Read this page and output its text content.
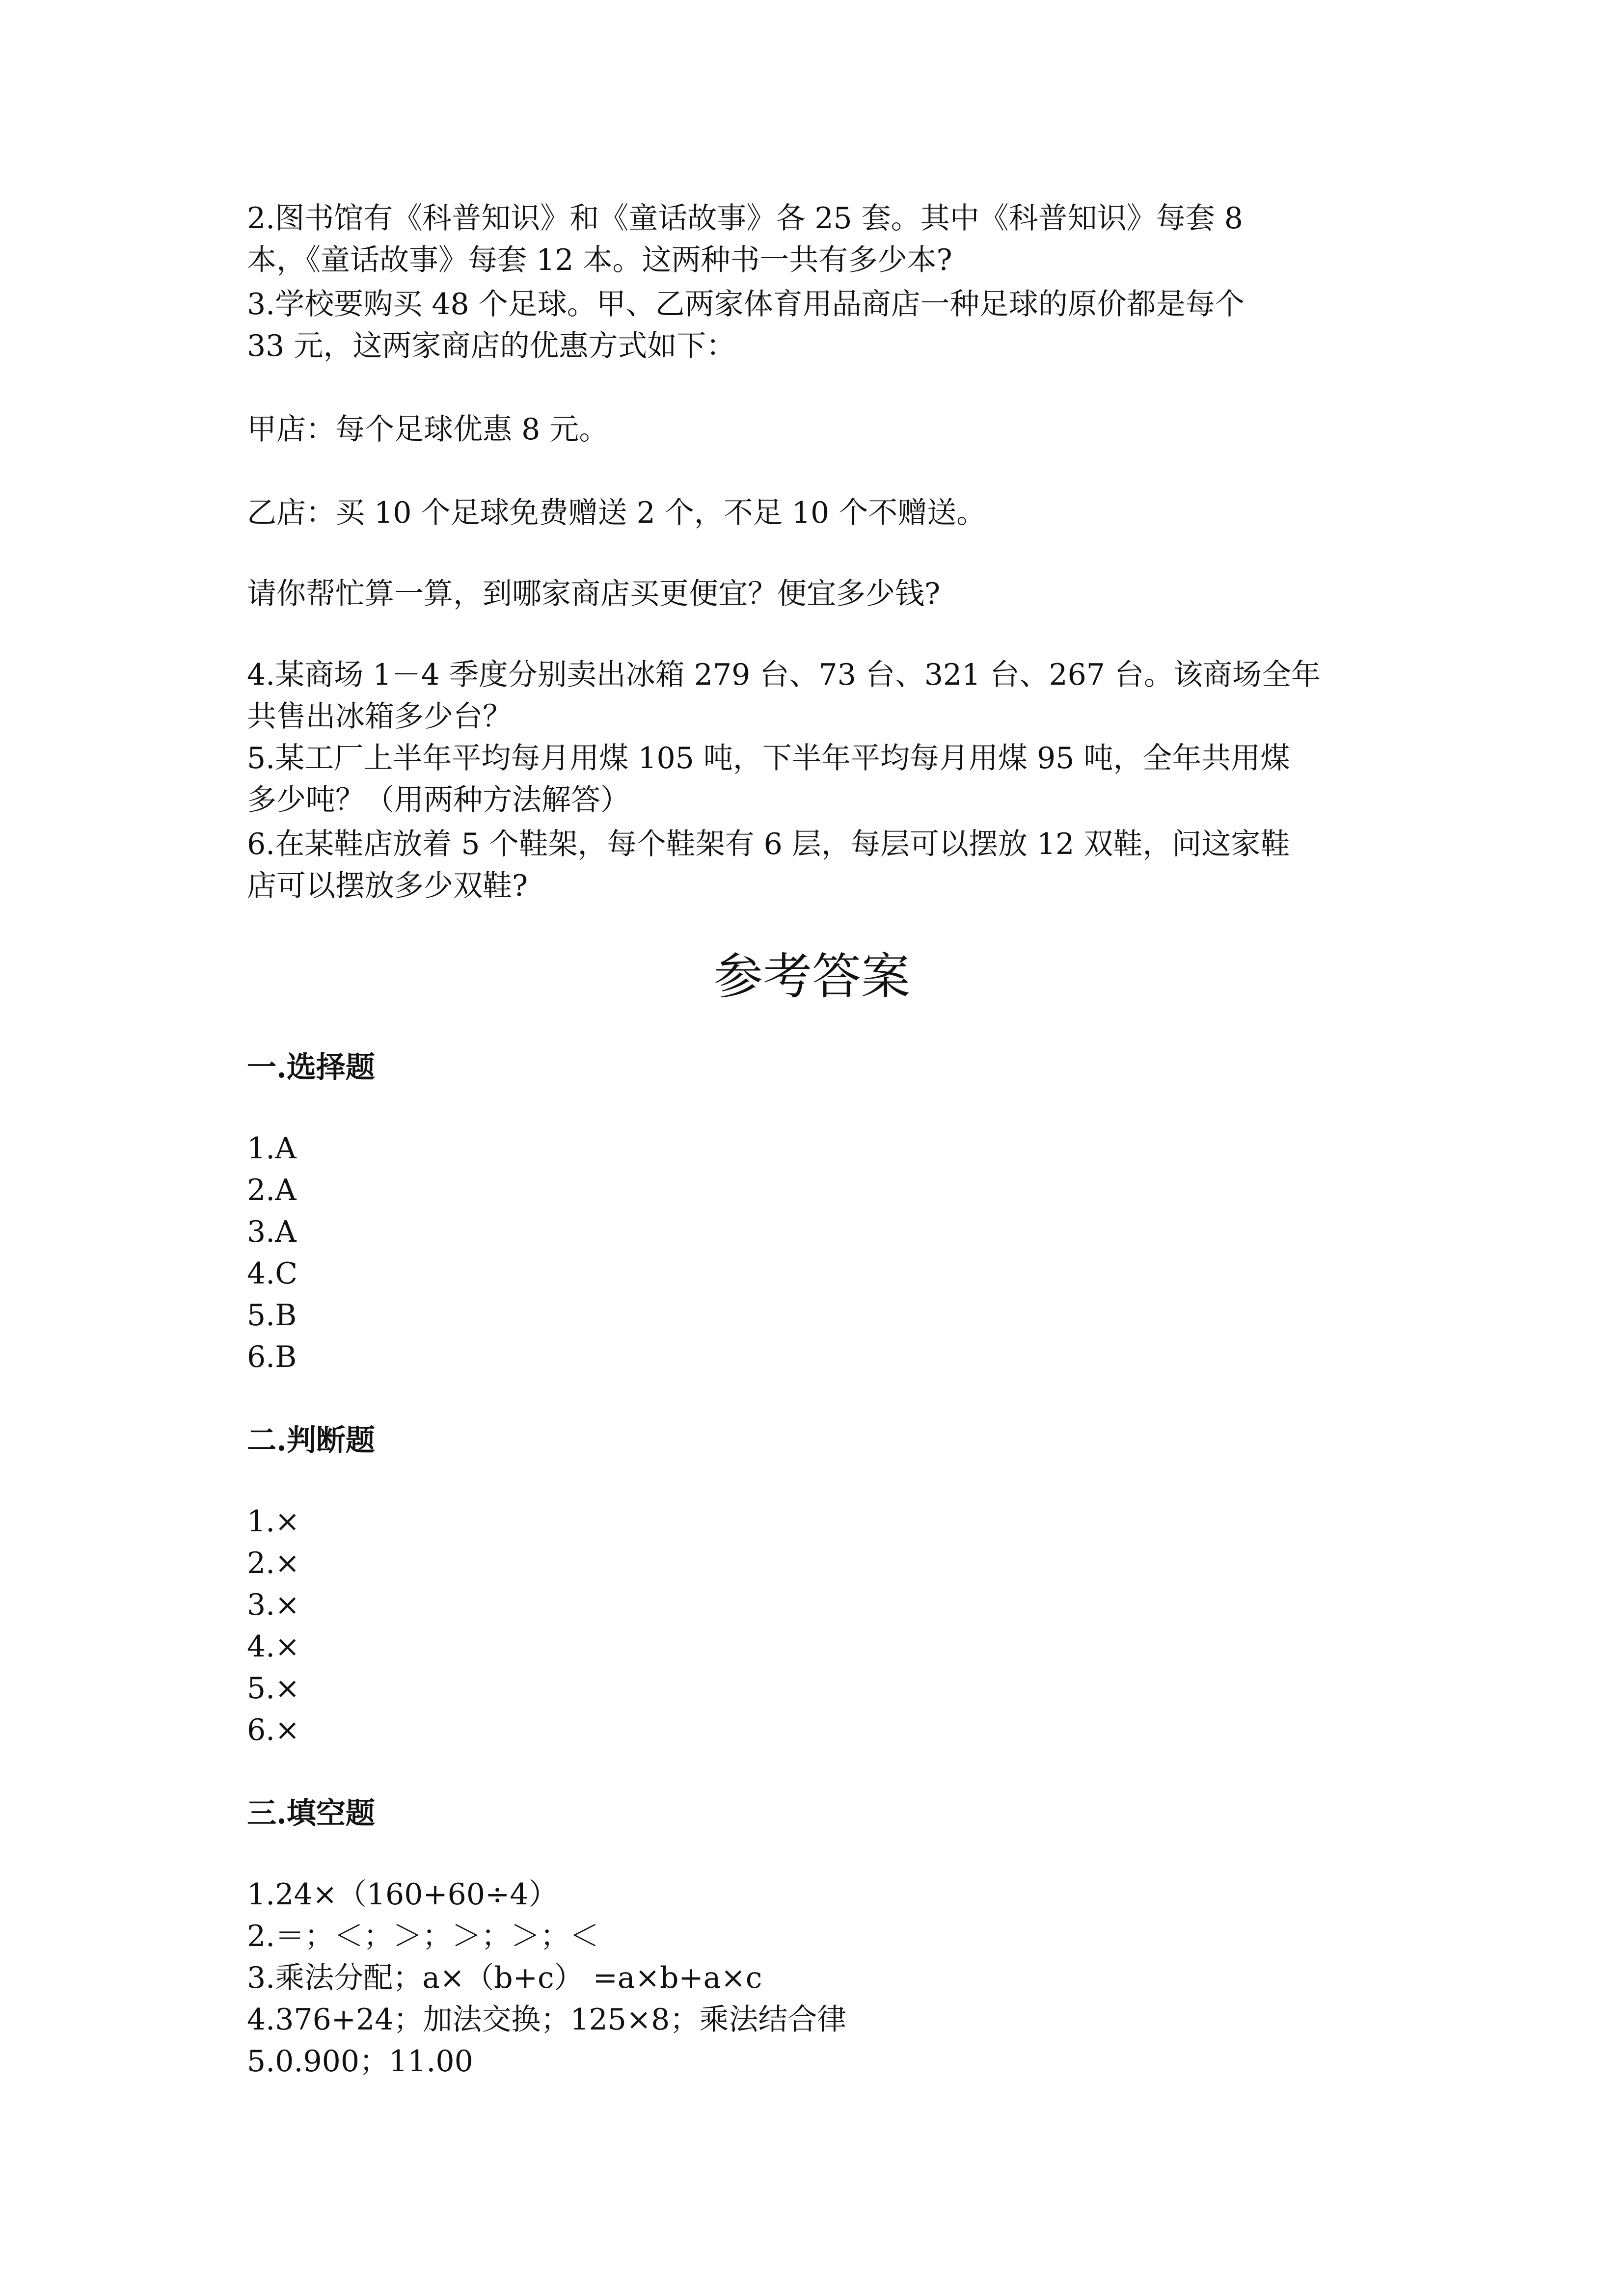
2.图书馆有《科普知识》和《童话故事》各 25 套。其中《科普知识》每套 8
本，《童话故事》每套 12 本。这两种书一共有多少本?
3.学校要购买 48 个足球。甲、乙两家体育用品商店一种足球的原价都是每个
33 元，这两家商店的优惠方式如下：
甲店：每个足球优惠 8 元。
乙店：买 10 个足球免费赠送 2 个，不足 10 个不赠送。
请你帮忙算一算，到哪家商店买更便宜？便宜多少钱?
4.某商场 1－4 季度分别卖出冰箱 279 台、73 台、321 台、267 台。该商场全年
共售出冰箱多少台？
5.某工厂上半年平均每月用煤 105 吨，下半年平均每月用煤 95 吨，全年共用煤
多少吨？（用两种方法解答）
6.在某鞋店放着 5 个鞋架，每个鞋架有 6 层，每层可以摆放 12 双鞋，问这家鞋
店可以摆放多少双鞋?
参考答案
一.选择题
1.A
2.A
3.A
4.C
5.B
6.B
二.判断题
1.×
2.×
3.×
4.×
5.×
6.×
三.填空题
1.24×（160+60÷4）
2.＝；＜；＞；＞；＞；＜
3.乘法分配；a×（b+c） =a×b+a×c
4.376+24；加法交换；125×8；乘法结合律
5.0.900；11.00
